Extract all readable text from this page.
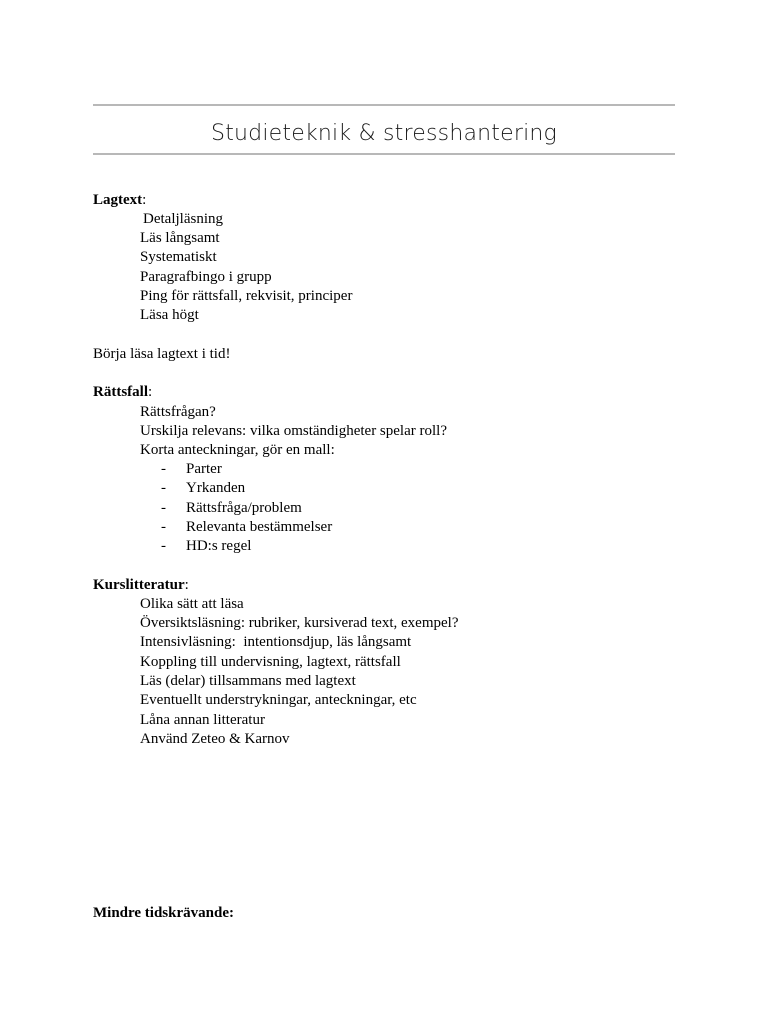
Studieteknik & stresshantering
Lagtext:
Detaljläsning
Läs långsamt
Systematiskt
Paragrafbingo i grupp
Ping för rättsfall, rekvisit, principer
Läsa högt
Börja läsa lagtext i tid!
Rättsfall:
Rättsfrågan?
Urskilja relevans: vilka omständigheter spelar roll?
Korta anteckningar, gör en mall:
- Parter
- Yrkanden
- Rättsfråga/problem
- Relevanta bestämmelser
- HD:s regel
Kurslitteratur:
Olika sätt att läsa
Översiktsläsning: rubriker, kursiverad text, exempel?
Intensivläsning:  intentionsdjup, läs långsamt
Koppling till undervisning, lagtext, rättsfall
Läs (delar) tillsammans med lagtext
Eventuellt understrykningar, anteckningar, etc
Låna annan litteratur
Använd Zeteo & Karnov
Mindre tidskrävande:
